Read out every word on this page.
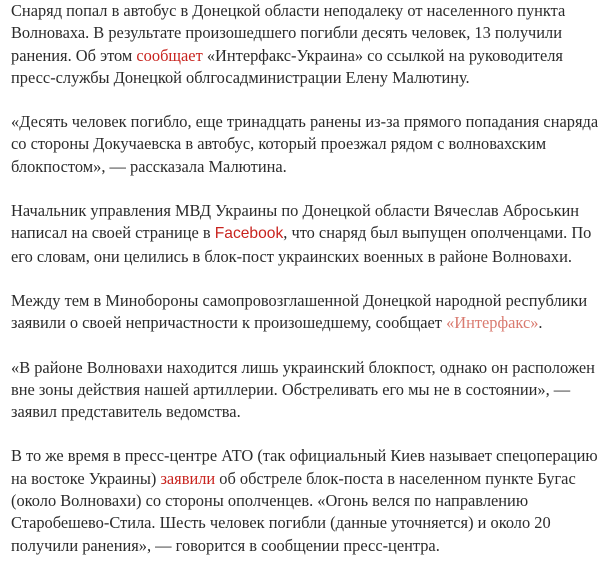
Снаряд попал в автобус в Донецкой области неподалеку от населенного пункта Волноваха. В результате произошедшего погибли десять человек, 13 получили ранения. Об этом сообщает «Интерфакс-Украина» со ссылкой на руководителя пресс-службы Донецкой облгосадминистрации Елену Малютину.

«Десять человек погибло, еще тринадцать ранены из-за прямого попадания снаряда со стороны Докучаевска в автобус, который проезжал рядом с волновахским блокпостом», — рассказала Малютина.

Начальник управления МВД Украины по Донецкой области Вячеслав Аброськин написал на своей странице в Facebook, что снаряд был выпущен ополченцами. По его словам, они целились в блок-пост украинских военных в районе Волновахи.

Между тем в Минобороны самопровозглашенной Донецкой народной республики заявили о своей непричастности к произошедшему, сообщает «Интерфакс».

«В районе Волновахи находится лишь украинский блокпост, однако он расположен вне зоны действия нашей артиллерии. Обстреливать его мы не в состоянии», — заявил представитель ведомства.

В то же время в пресс-центре АТО (так официальный Киев называет спецоперацию на востоке Украины) заявили об обстреле блок-поста в населенном пункте Бугас (около Волновахи) со стороны ополченцев. «Огонь велся по направлению Старобешево-Стила. Шесть человек погибли (данные уточняется) и около 20 получили ранения», — говорится в сообщении пресс-центра.
